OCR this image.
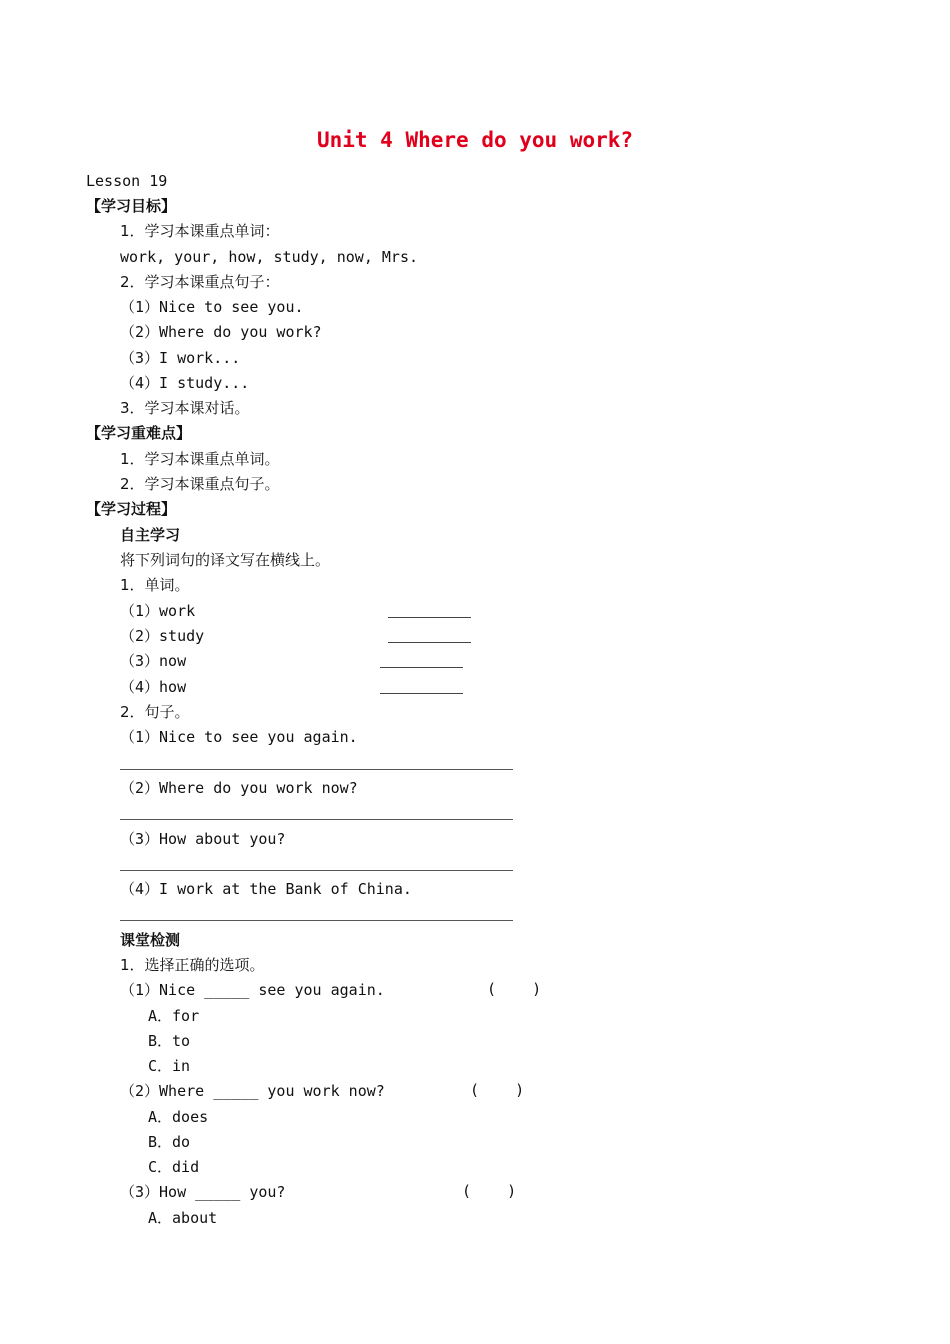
Unit 4 Where do you work?
Lesson 19
【学习目标】
1．学习本课重点单词：
work, your, how, study, now, Mrs.
2．学习本课重点句子：
（1）Nice to see you.
（2）Where do you work?
（3）I work...
（4）I study...
3．学习本课对话。
【学习重难点】
1．学习本课重点单词。
2．学习本课重点句子。
【学习过程】
自主学习
将下列词句的译文写在横线上。
1．单词。
（1）work
（2）study
（3）now
（4）how
2．句子。
（1）Nice to see you again.
（2）Where do you work now?
（3）How about you?
（4）I work at the Bank of China.
课堂检测
1．选择正确的选项。
（1）Nice _____ see you again.	(    )
A．for
B．to
C．in
（2）Where _____ you work now?	(    )
A．does
B．do
C．did
（3）How _____ you?	(    )
A．about
